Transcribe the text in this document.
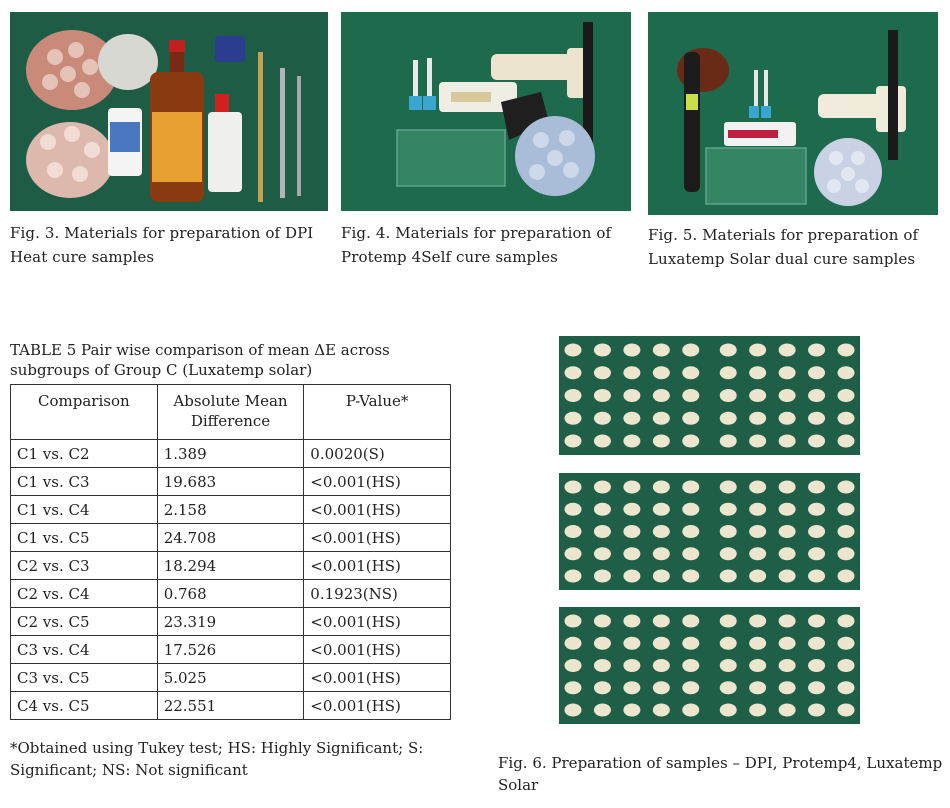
Fig. 3. Materials for preparation of DPI Heat cure samples
Fig. 4. Materials for preparation of Protemp 4Self cure samples
Fig. 5. Materials for preparation of Luxatemp Solar dual cure samples
TABLE 5 Pair wise comparison of mean ΔE across subgroups of Group C (Luxatemp solar)
Comparison	Absolute Mean Difference	P-Value*
C1 vs. C2	1.389	0.0020(S)
C1 vs. C3	19.683	<0.001(HS)
C1 vs. C4	2.158	<0.001(HS)
C1 vs. C5	24.708	<0.001(HS)
C2 vs. C3	18.294	<0.001(HS)
C2 vs. C4	0.768	0.1923(NS)
C2 vs. C5	23.319	<0.001(HS)
C3 vs. C4	17.526	<0.001(HS)
C3 vs. C5	5.025	<0.001(HS)
C4 vs. C5	22.551	<0.001(HS)
*Obtained using Tukey test; HS: Highly Significant; S: Significant; NS: Not significant	Fig. 6. Preparation of samples – DPI, Protemp4, Luxatemp Solar
